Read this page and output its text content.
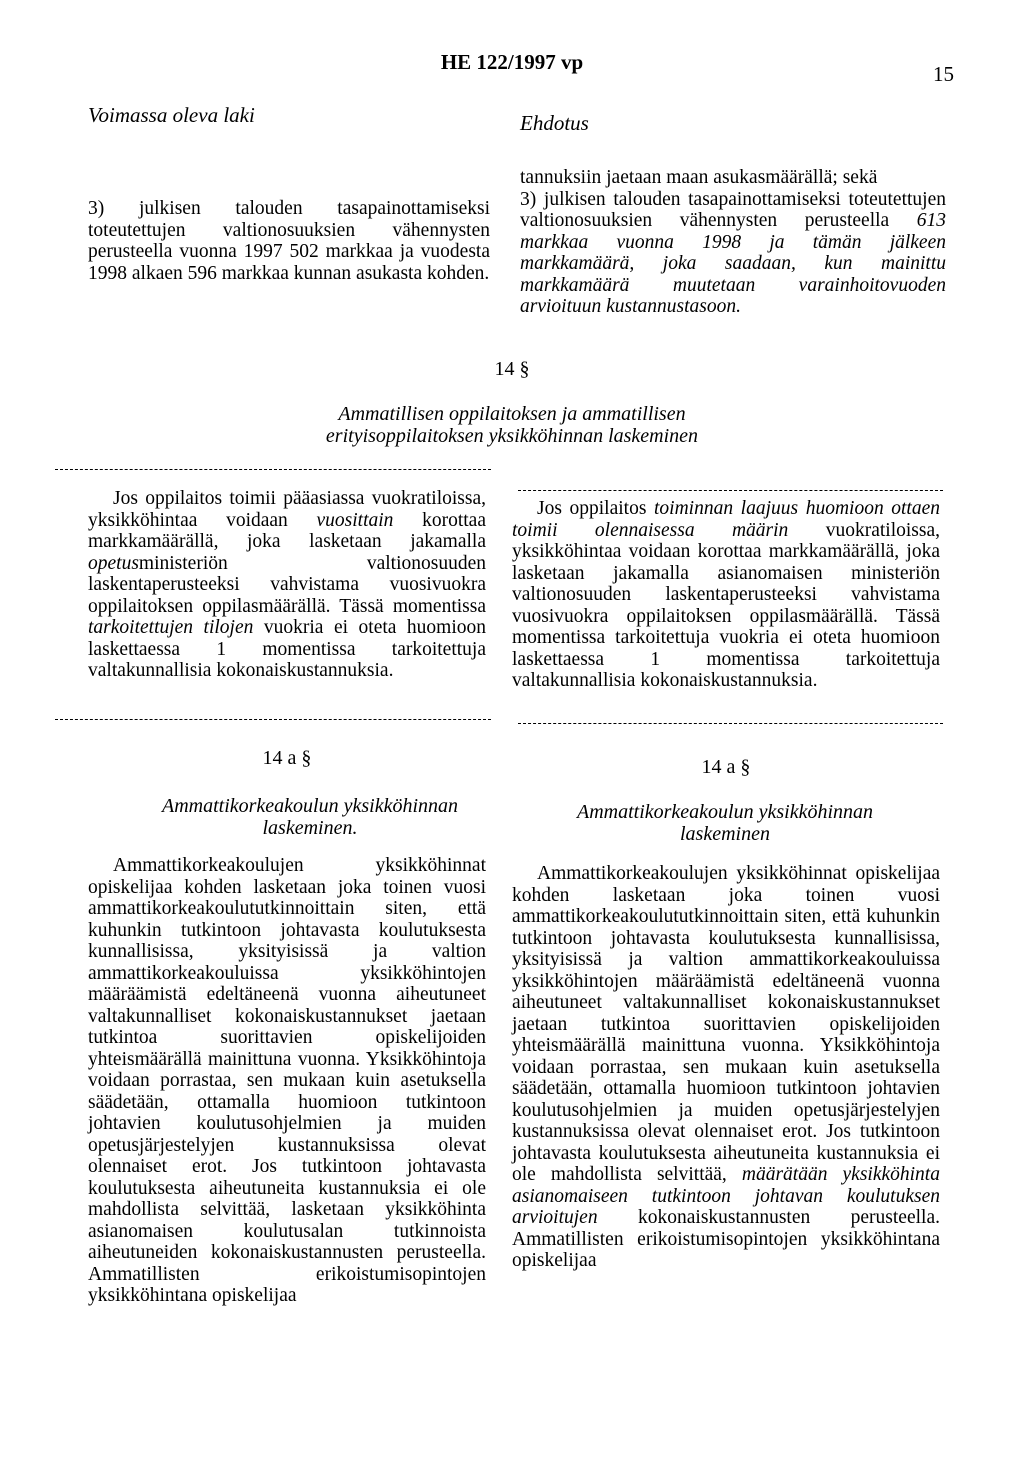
HE 122/1997 vp	15
Voimassa oleva laki	Ehdotus

3) julkisen talouden tasapainottamiseksi toteutettujen valtionosuuksien vähennysten perusteella vuonna 1997 502 markkaa ja vuodesta 1998 alkaen 596 markkaa kunnan asukasta kohden.

tannuksiin jaetaan maan asukasmäärällä; sekä

3) julkisen talouden tasapainottamiseksi toteutettujen valtionosuuksien vähennysten perusteella 613 markkaa vuonna 1998 ja tämän jälkeen markkamäärä, joka saadaan, kun mainittu markkamäärä muutetaan varainhoitovuoden arvioituun kustannustasoon.

14 §
Ammatillisen oppilaitoksen ja ammatillisen
erityisoppilaitoksen yksikköhinnan laskeminen

Jos oppilaitos toimii pääasiassa vuokratiloissa, yksikköhintaa voidaan vuosittain korottaa markkamäärällä, joka lasketaan jakamalla opetusministeriön valtionosuuden laskentaperusteeksi vahvistama vuosivuokra oppilaitoksen oppilasmäärällä. Tässä momentissa tarkoitettujen tilojen vuokria ei oteta huomioon laskettaessa 1 momentissa tarkoitettuja valtakunnallisia kokonaiskustannuksia.

Jos oppilaitos toiminnan laajuus huomioon ottaen toimii olennaisessa määrin vuokratiloissa, yksikköhintaa voidaan korottaa markkamäärällä, joka lasketaan jakamalla asianomaisen ministeriön valtionosuuden laskentaperusteeksi vahvistama vuosivuokra oppilaitoksen oppilasmäärällä. Tässä momentissa tarkoitettuja vuokria ei oteta huomioon laskettaessa 1 momentissa tarkoitettuja valtakunnallisia kokonaiskustannuksia.

14 a §	14 a §
Ammattikorkeakoulun yksikköhinnan laskeminen.
Ammattikorkeakoulun yksikköhinnan laskeminen

Ammattikorkeakoulujen yksikköhinnat opiskelijaa kohden lasketaan joka toinen vuosi ammattikorkeakoulututkinnoittain siten, että kuhunkin tutkintoon johtavasta koulutuksesta kunnallisissa, yksityisissä ja valtion ammattikorkeakouluissa yksikköhintojen määräämistä edeltäneenä vuonna aiheutuneet valtakunnalliset kokonaiskustannukset jaetaan tutkintoa suorittavien opiskelijoiden yhteismäärällä mainittuna vuonna. Yksikköhintoja voidaan porrastaa, sen mukaan kuin asetuksella säädetään, ottamalla huomioon tutkintoon johtavien koulutusohjelmien ja muiden opetusjärjestelyjen kustannuksissa olevat olennaiset erot. Jos tutkintoon johtavasta koulutuksesta aiheutuneita kustannuksia ei ole mahdollista selvittää, lasketaan yksikköhinta asianomaisen koulutusalan tutkinnoista aiheutuneiden kokonaiskustannusten perusteella. Ammatillisten erikoistumisopintojen yksikköhintana opiskelijaa

Ammattikorkeakoulujen yksikköhinnat opiskelijaa kohden lasketaan joka toinen vuosi ammattikorkeakoulututkinnoittain siten, että kuhunkin tutkintoon johtavasta koulutuksesta kunnallisissa, yksityisissä ja valtion ammattikorkeakouluissa yksikköhintojen määräämistä edeltäneenä vuonna aiheutuneet valtakunnalliset kokonaiskustannukset jaetaan tutkintoa suorittavien opiskelijoiden yhteismäärällä mainittuna vuonna. Yksikköhintoja voidaan porrastaa, sen mukaan kuin asetuksella säädetään, ottamalla huomioon tutkintoon johtavien koulutusohjelmien ja muiden opetusjärjestelyjen kustannuksissa olevat olennaiset erot. Jos tutkintoon johtavasta koulutuksesta aiheutuneita kustannuksia ei ole mahdollista selvittää, määrätään yksikköhinta asianomaiseen tutkintoon johtavan koulutuksen arvioitujen kokonaiskustannusten perusteella. Ammatillisten erikoistumisopintojen yksikköhintana opiskelijaa
